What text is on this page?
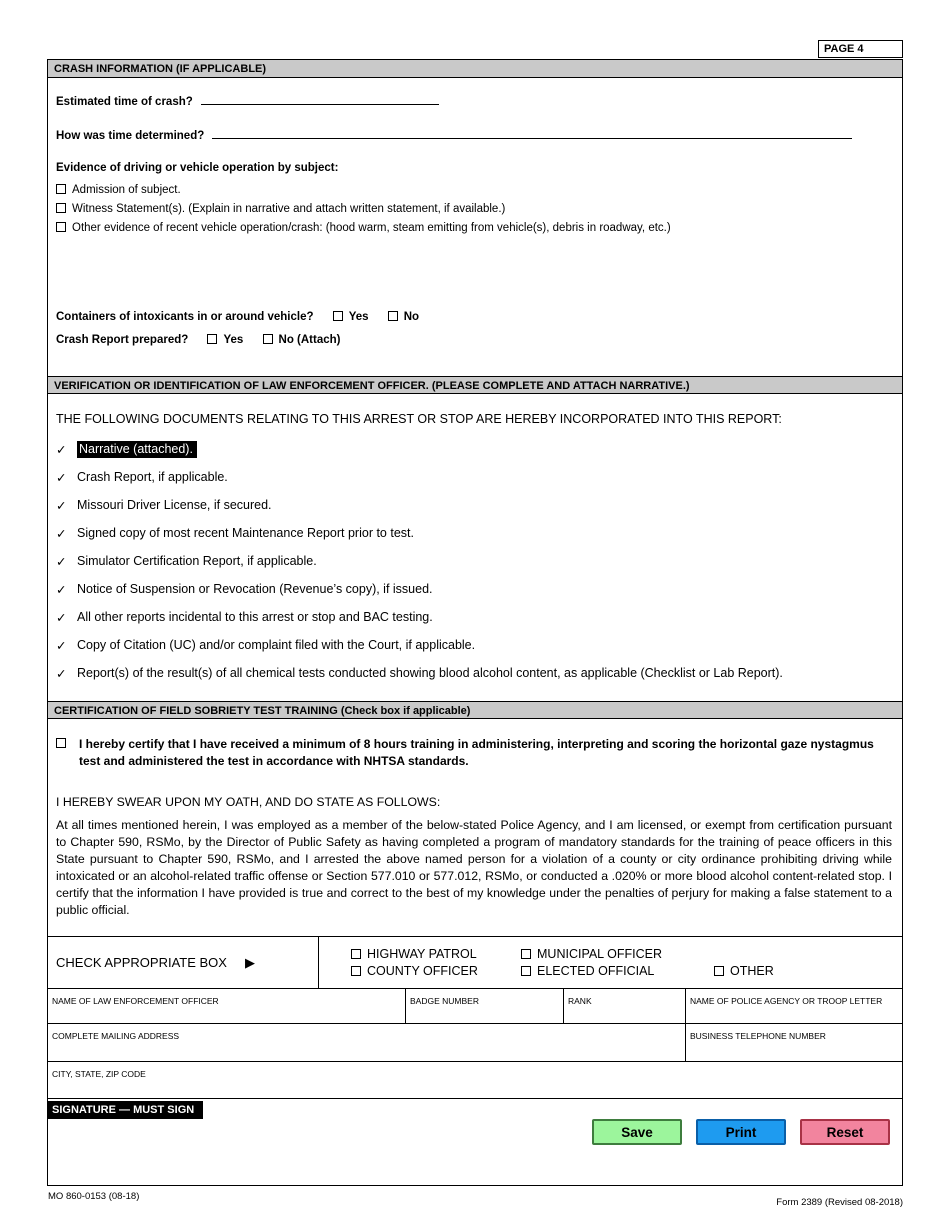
PAGE 4
CRASH INFORMATION (IF APPLICABLE)
Estimated time of crash?
How was time determined?
Evidence of driving or vehicle operation by subject:
Admission of subject.
Witness Statement(s). (Explain in narrative and attach written statement, if available.)
Other evidence of recent vehicle operation/crash: (hood warm, steam emitting from vehicle(s), debris in roadway, etc.)
Containers of intoxicants in or around vehicle?	Yes	No
Crash Report prepared?	Yes	No (Attach)
VERIFICATION OR IDENTIFICATION OF LAW ENFORCEMENT OFFICER. (PLEASE COMPLETE AND ATTACH NARRATIVE.)
THE FOLLOWING DOCUMENTS RELATING TO THIS ARREST OR STOP ARE HEREBY INCORPORATED INTO THIS REPORT:
✓ Narrative (attached).
✓ Crash Report, if applicable.
✓ Missouri Driver License, if secured.
✓ Signed copy of most recent Maintenance Report prior to test.
✓ Simulator Certification Report, if applicable.
✓ Notice of Suspension or Revocation (Revenue’s copy), if issued.
✓ All other reports incidental to this arrest or stop and BAC testing.
✓ Copy of Citation (UC) and/or complaint filed with the Court, if applicable.
✓ Report(s) of the result(s) of all chemical tests conducted showing blood alcohol content, as applicable (Checklist or Lab Report).
CERTIFICATION OF FIELD SOBRIETY TEST TRAINING (Check box if applicable)
I hereby certify that I have received a minimum of 8 hours training in administering, interpreting and scoring the horizontal gaze nystagmus test and administered the test in accordance with NHTSA standards.
I HEREBY SWEAR UPON MY OATH, AND DO STATE AS FOLLOWS:
At all times mentioned herein, I was employed as a member of the below-stated Police Agency, and I am licensed, or exempt from certification pursuant to Chapter 590, RSMo, by the Director of Public Safety as having completed a program of mandatory standards for the training of peace officers in this State pursuant to Chapter 590, RSMo, and I arrested the above named person for a violation of a county or city ordinance prohibiting driving while intoxicated or an alcohol-related traffic offense or Section 577.010 or 577.012, RSMo, or conducted a .020% or more blood alcohol content-related stop. I certify that the information I have provided is true and correct to the best of my knowledge under the penalties of perjury for making a false statement to a public official.
CHECK APPROPRIATE BOX ▶
HIGHWAY PATROL	MUNICIPAL OFFICER
COUNTY OFFICER	ELECTED OFFICIAL	OTHER
NAME OF LAW ENFORCEMENT OFFICER	BADGE NUMBER	RANK	NAME OF POLICE AGENCY OR TROOP LETTER
COMPLETE MAILING ADDRESS	BUSINESS TELEPHONE NUMBER
CITY, STATE, ZIP CODE
SIGNATURE — MUST SIGN
Save	Print	Reset
MO 860-0153 (08-18)
Form 2389 (Revised 08-2018)
